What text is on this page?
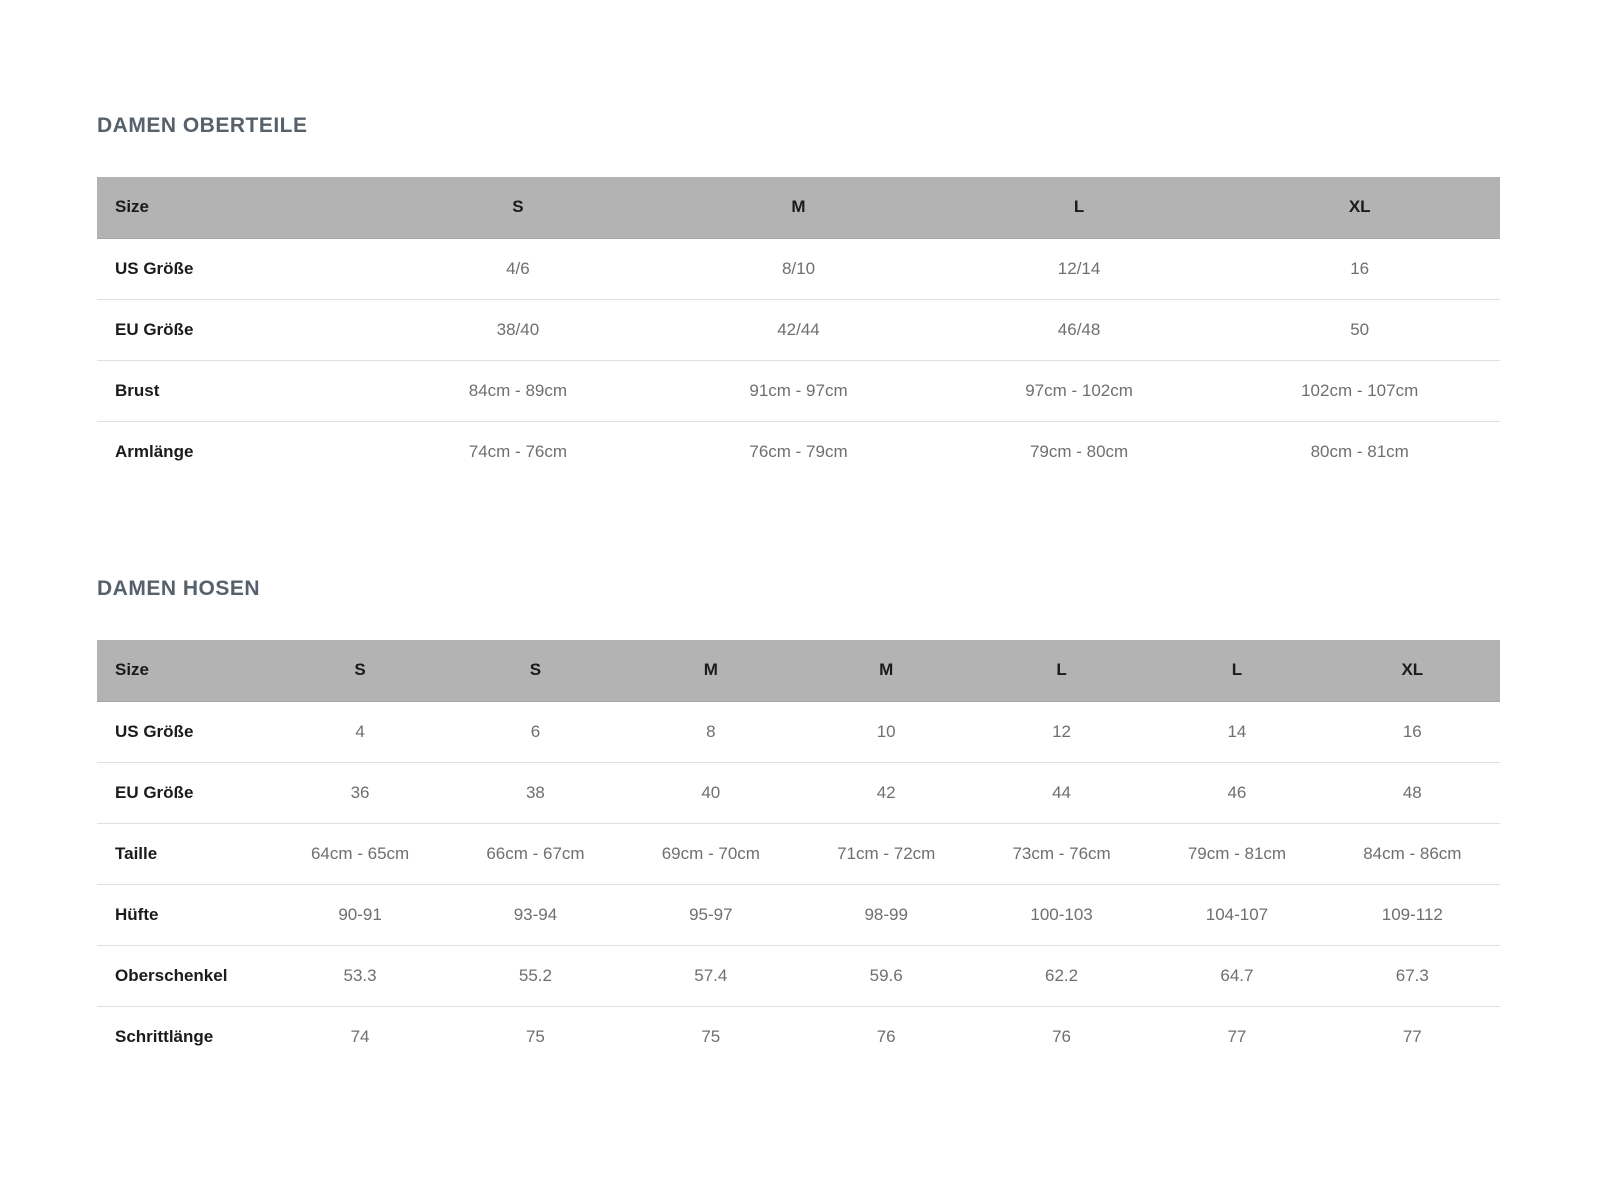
DAMEN OBERTEILE
Size	S	M	L	XL
US Größe	4/6	8/10	12/14	16
EU Größe	38/40	42/44	46/48	50
Brust	84cm - 89cm	91cm - 97cm	97cm - 102cm	102cm - 107cm
Armlänge	74cm - 76cm	76cm - 79cm	79cm - 80cm	80cm - 81cm
DAMEN HOSEN
Size	S	S	M	M	L	L	XL
US Größe	4	6	8	10	12	14	16
EU Größe	36	38	40	42	44	46	48
Taille	64cm - 65cm	66cm - 67cm	69cm - 70cm	71cm - 72cm	73cm - 76cm	79cm - 81cm	84cm - 86cm
Hüfte	90-91	93-94	95-97	98-99	100-103	104-107	109-112
Oberschenkel	53.3	55.2	57.4	59.6	62.2	64.7	67.3
Schrittlänge	74	75	75	76	76	77	77
